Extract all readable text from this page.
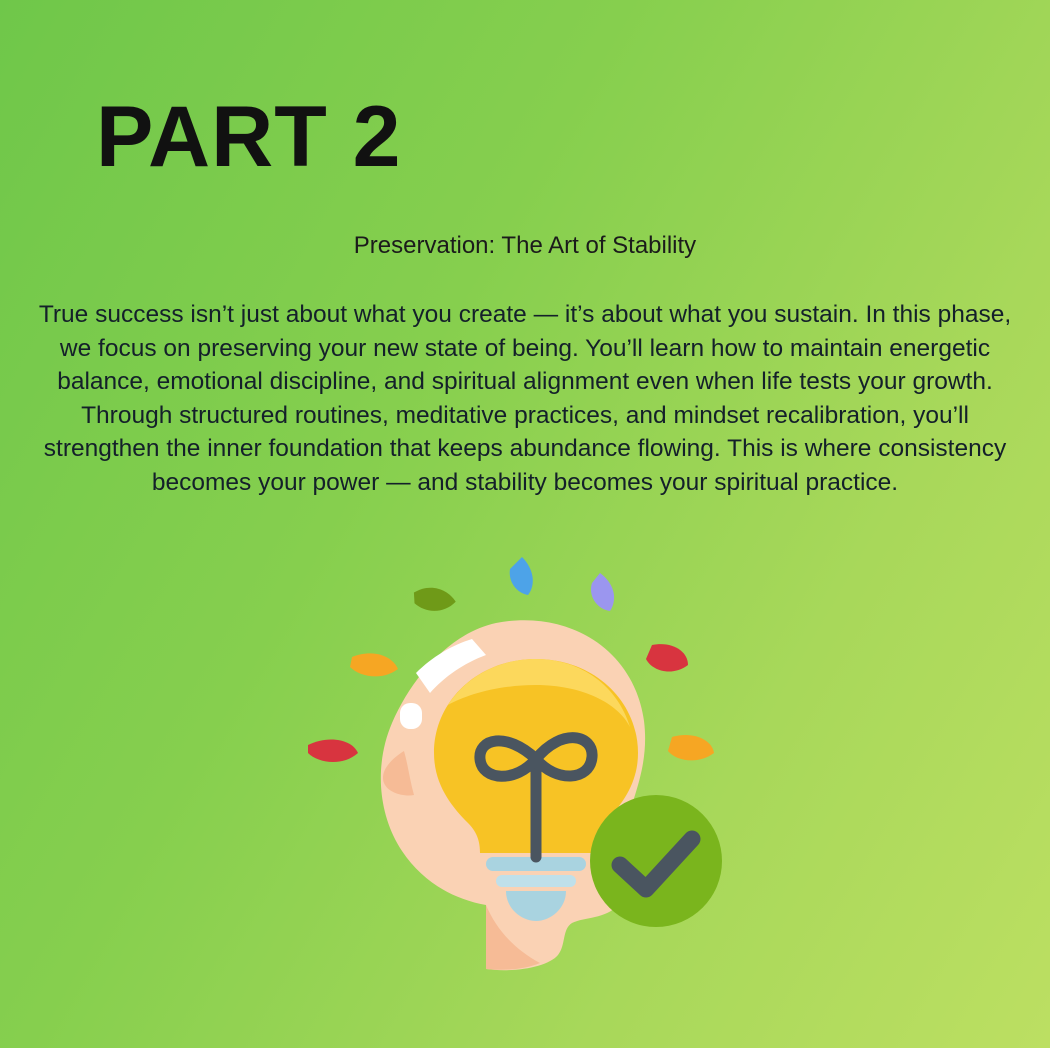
PART 2
Preservation: The Art of Stability
True success isn’t just about what you create — it’s about what you sustain. In this phase, we focus on preserving your new state of being. You’ll learn how to maintain energetic balance, emotional discipline, and spiritual alignment even when life tests your growth. Through structured routines, meditative practices, and mindset recalibration, you’ll strengthen the inner foundation that keeps abundance flowing. This is where consistency becomes your power — and stability becomes your spiritual practice.
